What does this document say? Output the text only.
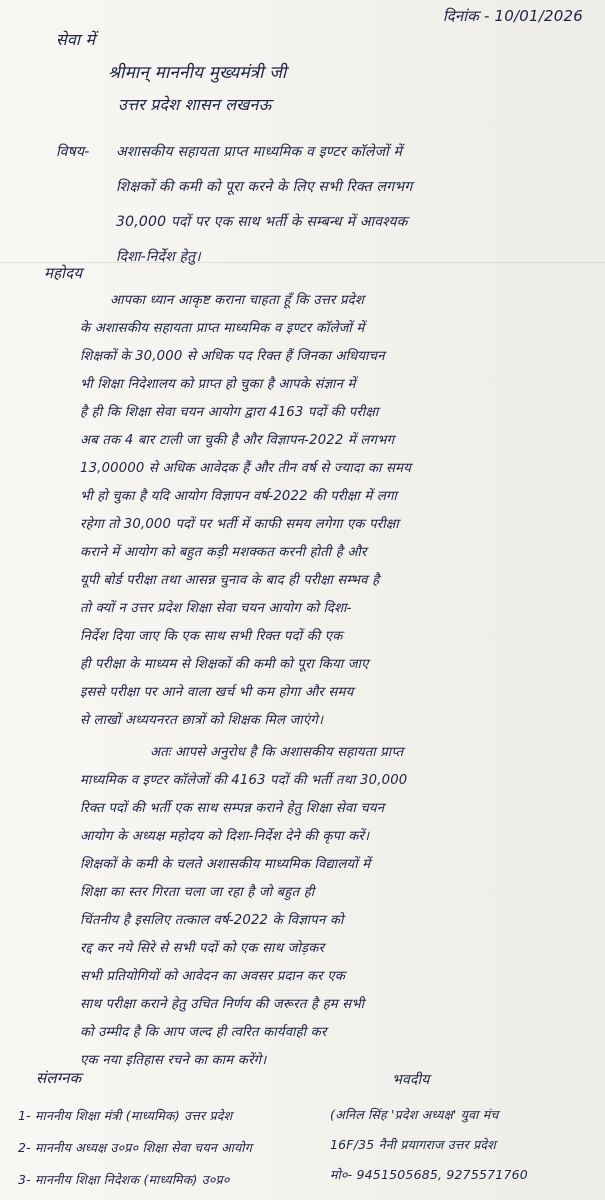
दिनांक - 10/01/2026
सेवा में
श्रीमान् माननीय मुख्यमंत्री जी
उत्तर प्रदेश शासन लखनऊ
विषय- अशासकीय सहायता प्राप्त माध्यमिक व इण्टर कॉलेजों में
शिक्षकों की कमी को पूरा करने के लिए सभी रिक्त लगभग
30,000 पदों पर एक साथ भर्ती के सम्बन्ध में आवश्यक
दिशा-निर्देश हेतु।
महोदय
आपका ध्यान आकृष्ट कराना चाहता हूँ कि उत्तर प्रदेश
के अशासकीय सहायता प्राप्त माध्यमिक व इण्टर कॉलेजों में
शिक्षकों के 30,000 से अधिक पद रिक्त हैं जिनका अधियाचन
भी शिक्षा निदेशालय को प्राप्त हो चुका है आपके संज्ञान में
है ही कि शिक्षा सेवा चयन आयोग द्वारा 4163 पदों की परीक्षा
अब तक 4 बार टाली जा चुकी है और विज्ञापन-2022 में लगभग
13,00000 से अधिक आवेदक हैं और तीन वर्ष से ज्यादा का समय
भी हो चुका है यदि आयोग विज्ञापन वर्ष-2022 की परीक्षा में लगा
रहेगा तो 30,000 पदों पर भर्ती में काफी समय लगेगा एक परीक्षा
कराने में आयोग को बहुत कड़ी मशक्कत करनी होती है और
यूपी बोर्ड परीक्षा तथा आसन्न चुनाव के बाद ही परीक्षा सम्भव है
तो क्यों न उत्तर प्रदेश शिक्षा सेवा चयन आयोग को दिशा-
निर्देश दिया जाए कि एक साथ सभी रिक्त पदों की एक
ही परीक्षा के माध्यम से शिक्षकों की कमी को पूरा किया जाए
इससे परीक्षा पर आने वाला खर्च भी कम होगा और समय
से लाखों अध्ययनरत छात्रों को शिक्षक मिल जाएंगे।
अतः आपसे अनुरोध है कि अशासकीय सहायता प्राप्त
माध्यमिक व इण्टर कॉलेजों की 4163 पदों की भर्ती तथा 30,000
रिक्त पदों की भर्ती एक साथ सम्पन्न कराने हेतु शिक्षा सेवा चयन
आयोग के अध्यक्ष महोदय को दिशा-निर्देश देने की कृपा करें।
शिक्षकों के कमी के चलते अशासकीय माध्यमिक विद्यालयों में
शिक्षा का स्तर गिरता चला जा रहा है जो बहुत ही
चिंतनीय है इसलिए तत्काल वर्ष-2022 के विज्ञापन को
रद्द कर नये सिरे से सभी पदों को एक साथ जोड़कर
सभी प्रतियोगियों को आवेदन का अवसर प्रदान कर एक
साथ परीक्षा कराने हेतु उचित निर्णय की जरूरत है हम सभी
को उम्मीद है कि आप जल्द ही त्वरित कार्यवाही कर
एक नया इतिहास रचने का काम करेंगे।
संलग्नक
1- माननीय शिक्षा मंत्री (माध्यमिक) उत्तर प्रदेश
2- माननीय अध्यक्ष उ०प्र० शिक्षा सेवा चयन आयोग
3- माननीय शिक्षा निदेशक (माध्यमिक) उ०प्र०
भवदीय
(अनिल सिंह 'प्रदेश अध्यक्ष' युवा मंच
16F/35 नैनी प्रयागराज उत्तर प्रदेश
मो०- 9451505685, 9275571760
